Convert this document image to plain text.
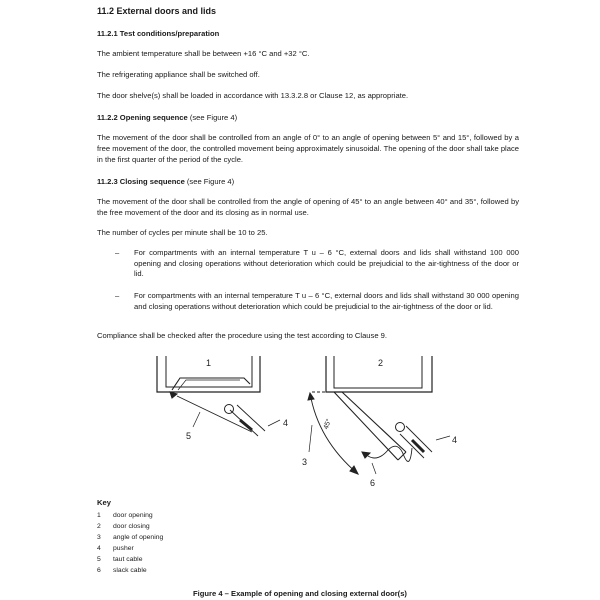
11.2 External doors and lids
11.2.1 Test conditions/preparation
The ambient temperature shall be between +16 °C and +32 °C.
The refrigerating appliance shall be switched off.
The door shelve(s) shall be loaded in accordance with 13.3.2.8 or Clause 12, as appropriate.
11.2.2 Opening sequence (see Figure 4)
The movement of the door shall be controlled from an angle of 0° to an angle of opening between 5° and 15°, followed by a free movement of the door, the controlled movement being approximately sinusoidal. The opening of the door shall take place in the first quarter of the period of the cycle.
11.2.3 Closing sequence (see Figure 4)
The movement of the door shall be controlled from the angle of opening of 45° to an angle between 40° and 35°, followed by the free movement of the door and its closing as in normal use.
The number of cycles per minute shall be 10 to 25.
– For compartments with an internal temperature T u – 6 °C, external doors and lids shall withstand 100 000 opening and closing operations without deterioration which could be prejudicial to the air-tightness of the door or lid.
– For compartments with an internal temperature T u – 6 °C, external doors and lids shall withstand 30 000 opening and closing operations without deterioration which could be prejudicial to the air-tightness of the door or lid.
Compliance shall be checked after the procedure using the test according to Clause 9.
1	2
3
4
4
5
6
45°
Key
1 door opening
2 door closing
3 angle of opening
4 pusher
5 taut cable
6 slack cable
Figure 4 – Example of opening and closing external door(s)
